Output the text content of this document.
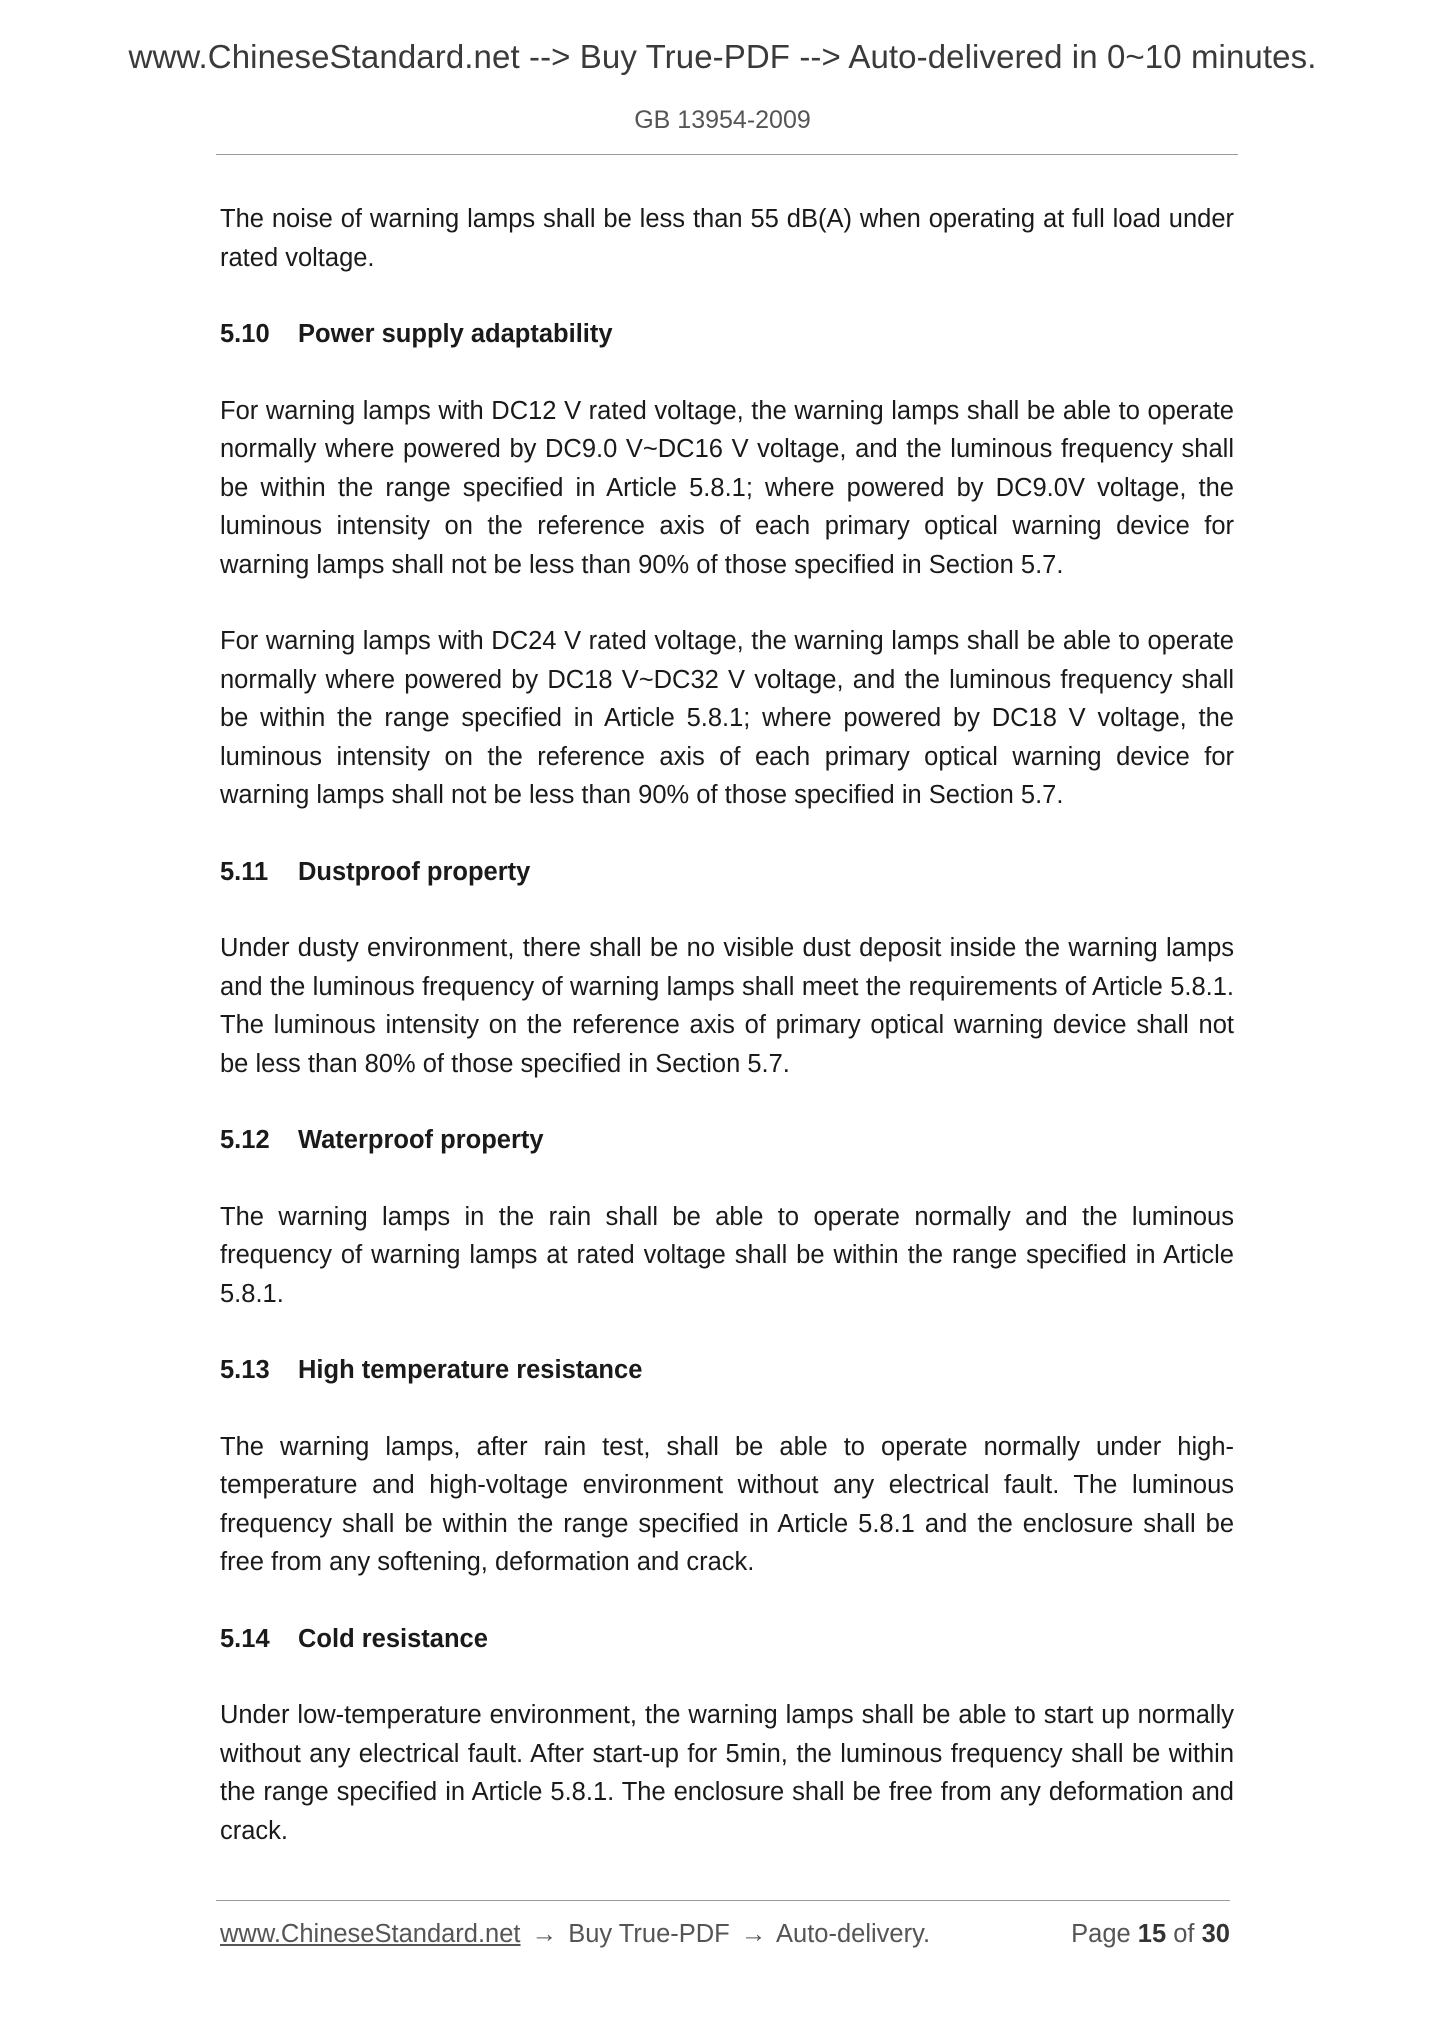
www.ChineseStandard.net --> Buy True-PDF --> Auto-delivered in 0~10 minutes.
GB 13954-2009

The noise of warning lamps shall be less than 55 dB(A) when operating at full load under rated voltage.

5.10 Power supply adaptability

For warning lamps with DC12 V rated voltage, the warning lamps shall be able to operate normally where powered by DC9.0 V~DC16 V voltage, and the luminous frequency shall be within the range specified in Article 5.8.1; where powered by DC9.0V voltage, the luminous intensity on the reference axis of each primary optical warning device for warning lamps shall not be less than 90% of those specified in Section 5.7.

For warning lamps with DC24 V rated voltage, the warning lamps shall be able to operate normally where powered by DC18 V~DC32 V voltage, and the luminous frequency shall be within the range specified in Article 5.8.1; where powered by DC18 V voltage, the luminous intensity on the reference axis of each primary optical warning device for warning lamps shall not be less than 90% of those specified in Section 5.7.

5.11 Dustproof property

Under dusty environment, there shall be no visible dust deposit inside the warning lamps and the luminous frequency of warning lamps shall meet the requirements of Article 5.8.1. The luminous intensity on the reference axis of primary optical warning device shall not be less than 80% of those specified in Section 5.7.

5.12 Waterproof property

The warning lamps in the rain shall be able to operate normally and the luminous frequency of warning lamps at rated voltage shall be within the range specified in Article 5.8.1.

5.13 High temperature resistance

The warning lamps, after rain test, shall be able to operate normally under high-temperature and high-voltage environment without any electrical fault. The luminous frequency shall be within the range specified in Article 5.8.1 and the enclosure shall be free from any softening, deformation and crack.

5.14 Cold resistance

Under low-temperature environment, the warning lamps shall be able to start up normally without any electrical fault. After start-up for 5min, the luminous frequency shall be within the range specified in Article 5.8.1. The enclosure shall be free from any deformation and crack.

www.ChineseStandard.net → Buy True-PDF → Auto-delivery.	Page 15 of 30
